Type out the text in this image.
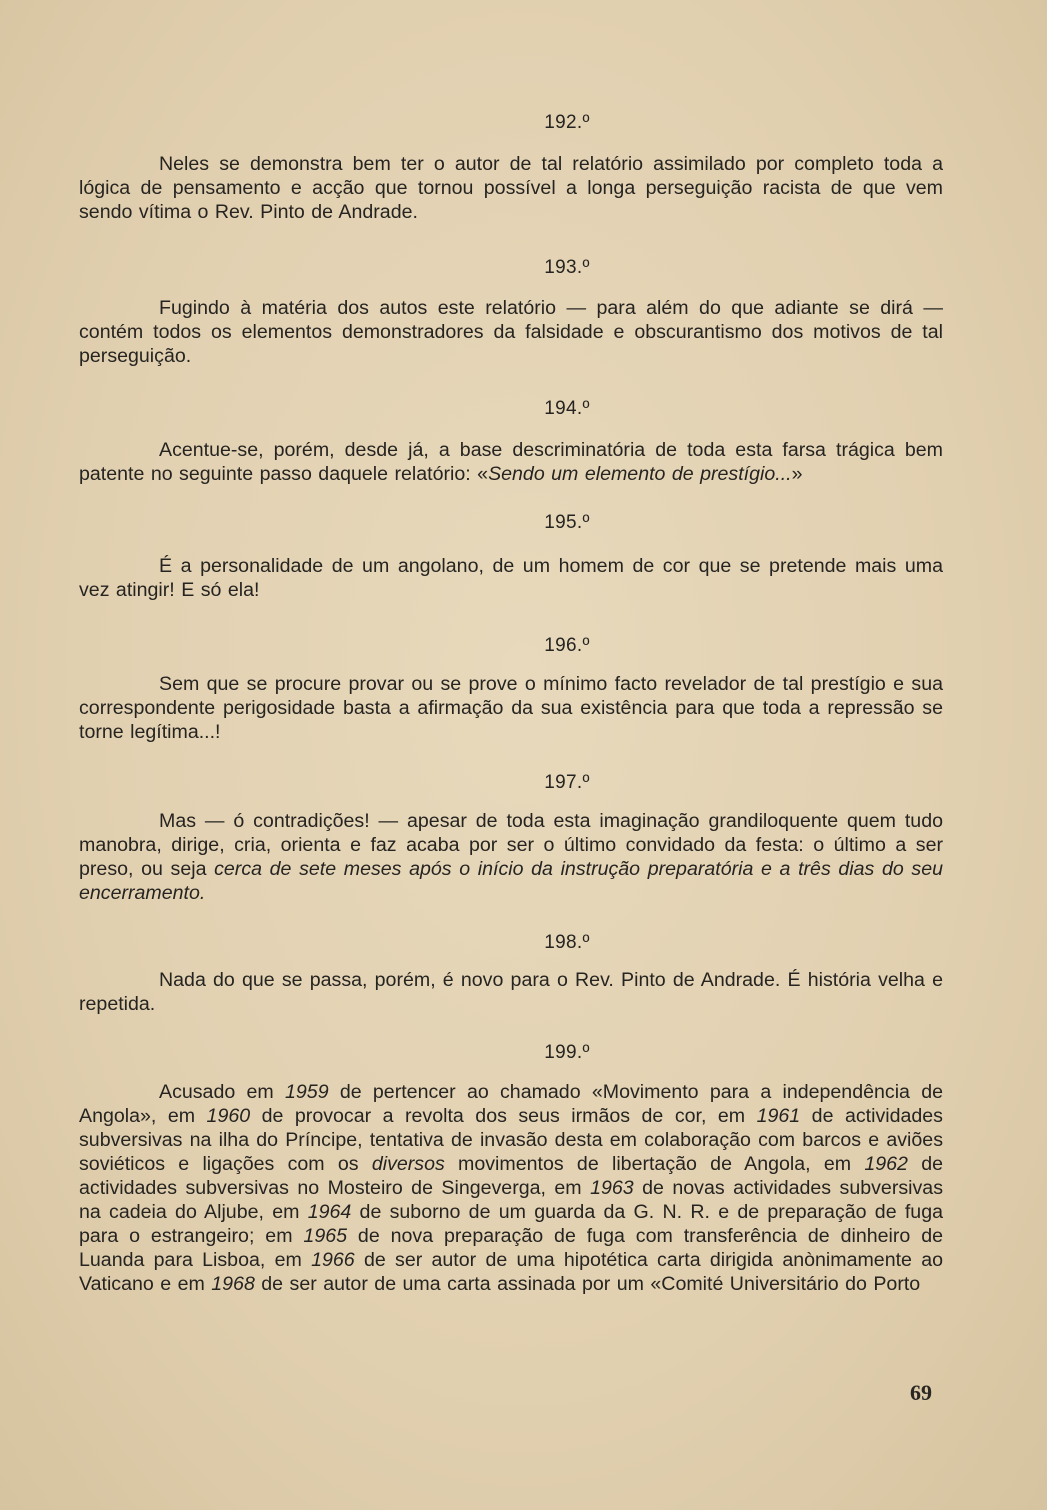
192.º

Neles se demonstra bem ter o autor de tal relatório assimilado por completo toda a lógica de pensamento e acção que tornou possível a longa perseguição racista de que vem sendo vítima o Rev. Pinto de Andrade.

193.º

Fugindo à matéria dos autos este relatório — para além do que adiante se dirá — contém todos os elementos demonstradores da falsidade e obscurantismo dos motivos de tal perseguição.

194.º

Acentue-se, porém, desde já, a base descriminatória de toda esta farsa trágica bem patente no seguinte passo daquele relatório: «Sendo um elemento de prestígio...»

195.º

É a personalidade de um angolano, de um homem de cor que se pretende mais uma vez atingir! E só ela!

196.º

Sem que se procure provar ou se prove o mínimo facto revelador de tal prestígio e sua correspondente perigosidade basta a afirmação da sua existência para que toda a repressão se torne legítima...!

197.º

Mas — ó contradições! — apesar de toda esta imaginação grandiloquente quem tudo manobra, dirige, cria, orienta e faz acaba por ser o último convidado da festa: o último a ser preso, ou seja cerca de sete meses após o início da instrução preparatória e a três dias do seu encerramento.

198.º

Nada do que se passa, porém, é novo para o Rev. Pinto de Andrade. É história velha e repetida.

199.º

Acusado em 1959 de pertencer ao chamado «Movimento para a independência de Angola», em 1960 de provocar a revolta dos seus irmãos de cor, em 1961 de actividades subversivas na ilha do Príncipe, tentativa de invasão desta em colaboração com barcos e aviões soviéticos e ligações com os diversos movimentos de libertação de Angola, em 1962 de actividades subversivas no Mosteiro de Singeverga, em 1963 de novas actividades subversivas na cadeia do Aljube, em 1964 de suborno de um guarda da G. N. R. e de preparação de fuga para o estrangeiro; em 1965 de nova preparação de fuga com transferência de dinheiro de Luanda para Lisboa, em 1966 de ser autor de uma hipotética carta dirigida anònimamente ao Vaticano e em 1968 de ser autor de uma carta assinada por um «Comité Universitário do Porto

69
